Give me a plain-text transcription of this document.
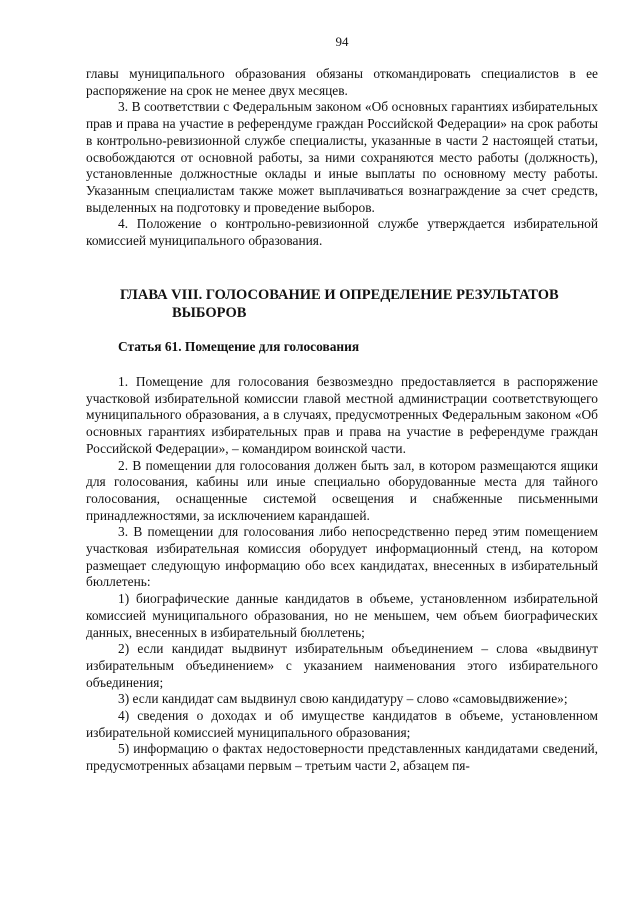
94

главы муниципального образования обязаны откомандировать специалистов в ее распоряжение на срок не менее двух месяцев.

3. В соответствии с Федеральным законом «Об основных гарантиях избирательных прав и права на участие в референдуме граждан Российской Федерации» на срок работы в контрольно-ревизионной службе специалисты, указанные в части 2 настоящей статьи, освобождаются от основной работы, за ними сохраняются место работы (должность), установленные должностные оклады и иные выплаты по основному месту работы. Указанным специалистам также может выплачиваться вознаграждение за счет средств, выделенных на подготовку и проведение выборов.

4. Положение о контрольно-ревизионной службе утверждается избирательной комиссией муниципального образования.

ГЛАВА VIII. ГОЛОСОВАНИЕ И ОПРЕДЕЛЕНИЕ РЕЗУЛЬТАТОВ
ВЫБОРОВ
Статья 61. Помещение для голосования

1. Помещение для голосования безвозмездно предоставляется в распоряжение участковой избирательной комиссии главой местной администрации соответствующего муниципального образования, а в случаях, предусмотренных Федеральным законом «Об основных гарантиях избирательных прав и права на участие в референдуме граждан Российской Федерации», – командиром воинской части.

2. В помещении для голосования должен быть зал, в котором размещаются ящики для голосования, кабины или иные специально оборудованные места для тайного голосования, оснащенные системой освещения и снабженные письменными принадлежностями, за исключением карандашей.

3. В помещении для голосования либо непосредственно перед этим помещением участковая избирательная комиссия оборудует информационный стенд, на котором размещает следующую информацию обо всех кандидатах, внесенных в избирательный бюллетень:

1) биографические данные кандидатов в объеме, установленном избирательной комиссией муниципального образования, но не меньшем, чем объем биографических данных, внесенных в избирательный бюллетень;

2) если кандидат выдвинут избирательным объединением – слова «выдвинут избирательным объединением» с указанием наименования этого избирательного объединения;

3) если кандидат сам выдвинул свою кандидатуру – слово «самовыдвижение»;

4) сведения о доходах и об имуществе кандидатов в объеме, установленном избирательной комиссией муниципального образования;

5) информацию о фактах недостоверности представленных кандидатами сведений, предусмотренных абзацами первым – третьим части 2, абзацем пя-
